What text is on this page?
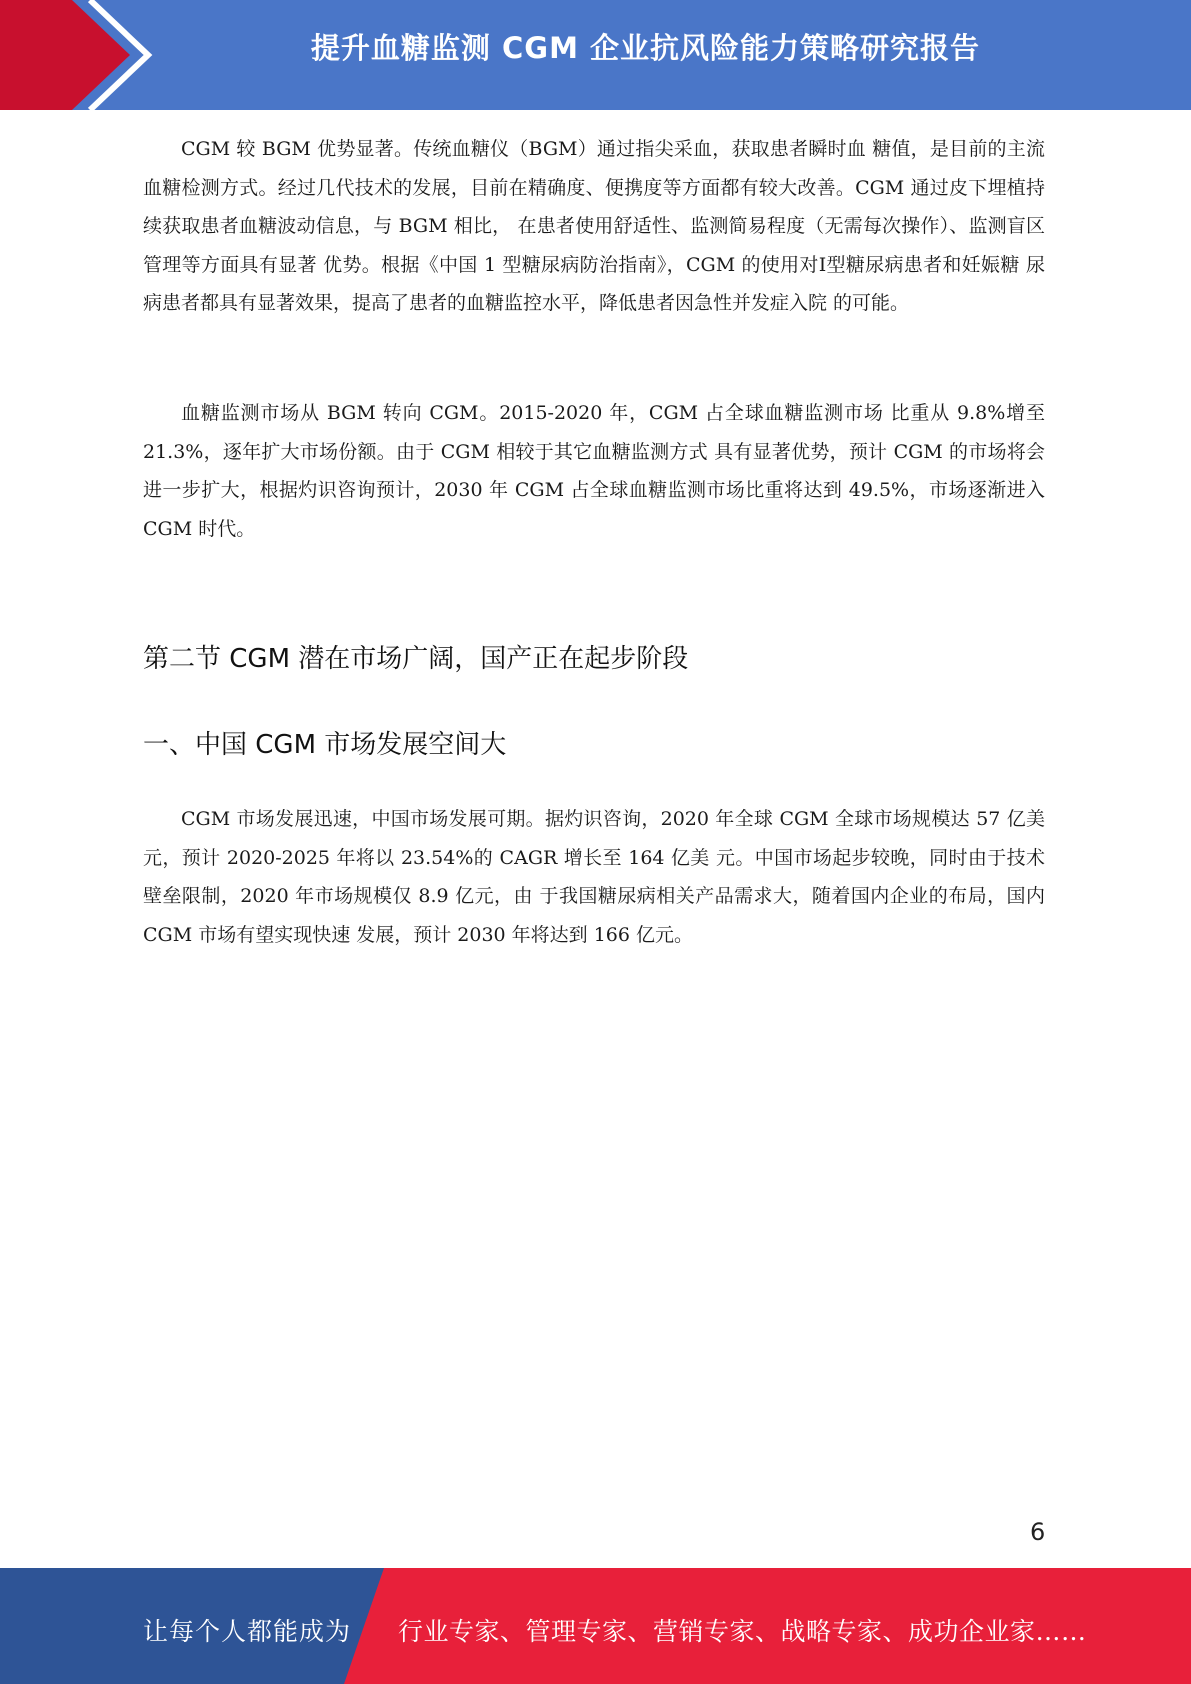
提升血糖监测 CGM 企业抗风险能力策略研究报告

CGM 较 BGM 优势显著。传统血糖仪（BGM）通过指尖采血，获取患者瞬时血 糖值，是目前的主流血糖检测方式。经过几代技术的发展，目前在精确度、便携度等方面都有较大改善。CGM 通过皮下埋植持续获取患者血糖波动信息，与 BGM 相比， 在患者使用舒适性、监测简易程度（无需每次操作）、监测盲区管理等方面具有显著 优势。根据《中国 1 型糖尿病防治指南》，CGM 的使用对Ⅰ型糖尿病患者和妊娠糖 尿病患者都具有显著效果，提高了患者的血糖监控水平，降低患者因急性并发症入院 的可能。

血糖监测市场从 BGM 转向 CGM。2015-2020 年，CGM 占全球血糖监测市场 比重从 9.8%增至 21.3%，逐年扩大市场份额。由于 CGM 相较于其它血糖监测方式 具有显著优势，预计 CGM 的市场将会进一步扩大，根据灼识咨询预计，2030 年 CGM 占全球血糖监测市场比重将达到 49.5%，市场逐渐进入 CGM 时代。

第二节 CGM 潜在市场广阔，国产正在起步阶段
一、中国 CGM 市场发展空间大

CGM 市场发展迅速，中国市场发展可期。据灼识咨询，2020 年全球 CGM 全球市场规模达 57 亿美元，预计 2020-2025 年将以 23.54%的 CAGR 增长至 164 亿美 元。中国市场起步较晚，同时由于技术壁垒限制，2020 年市场规模仅 8.9 亿元，由 于我国糖尿病相关产品需求大，随着国内企业的布局，国内 CGM 市场有望实现快速 发展，预计 2030 年将达到 166 亿元。

6
让每个人都能成为 行业专家、管理专家、营销专家、战略专家、成功企业家……
